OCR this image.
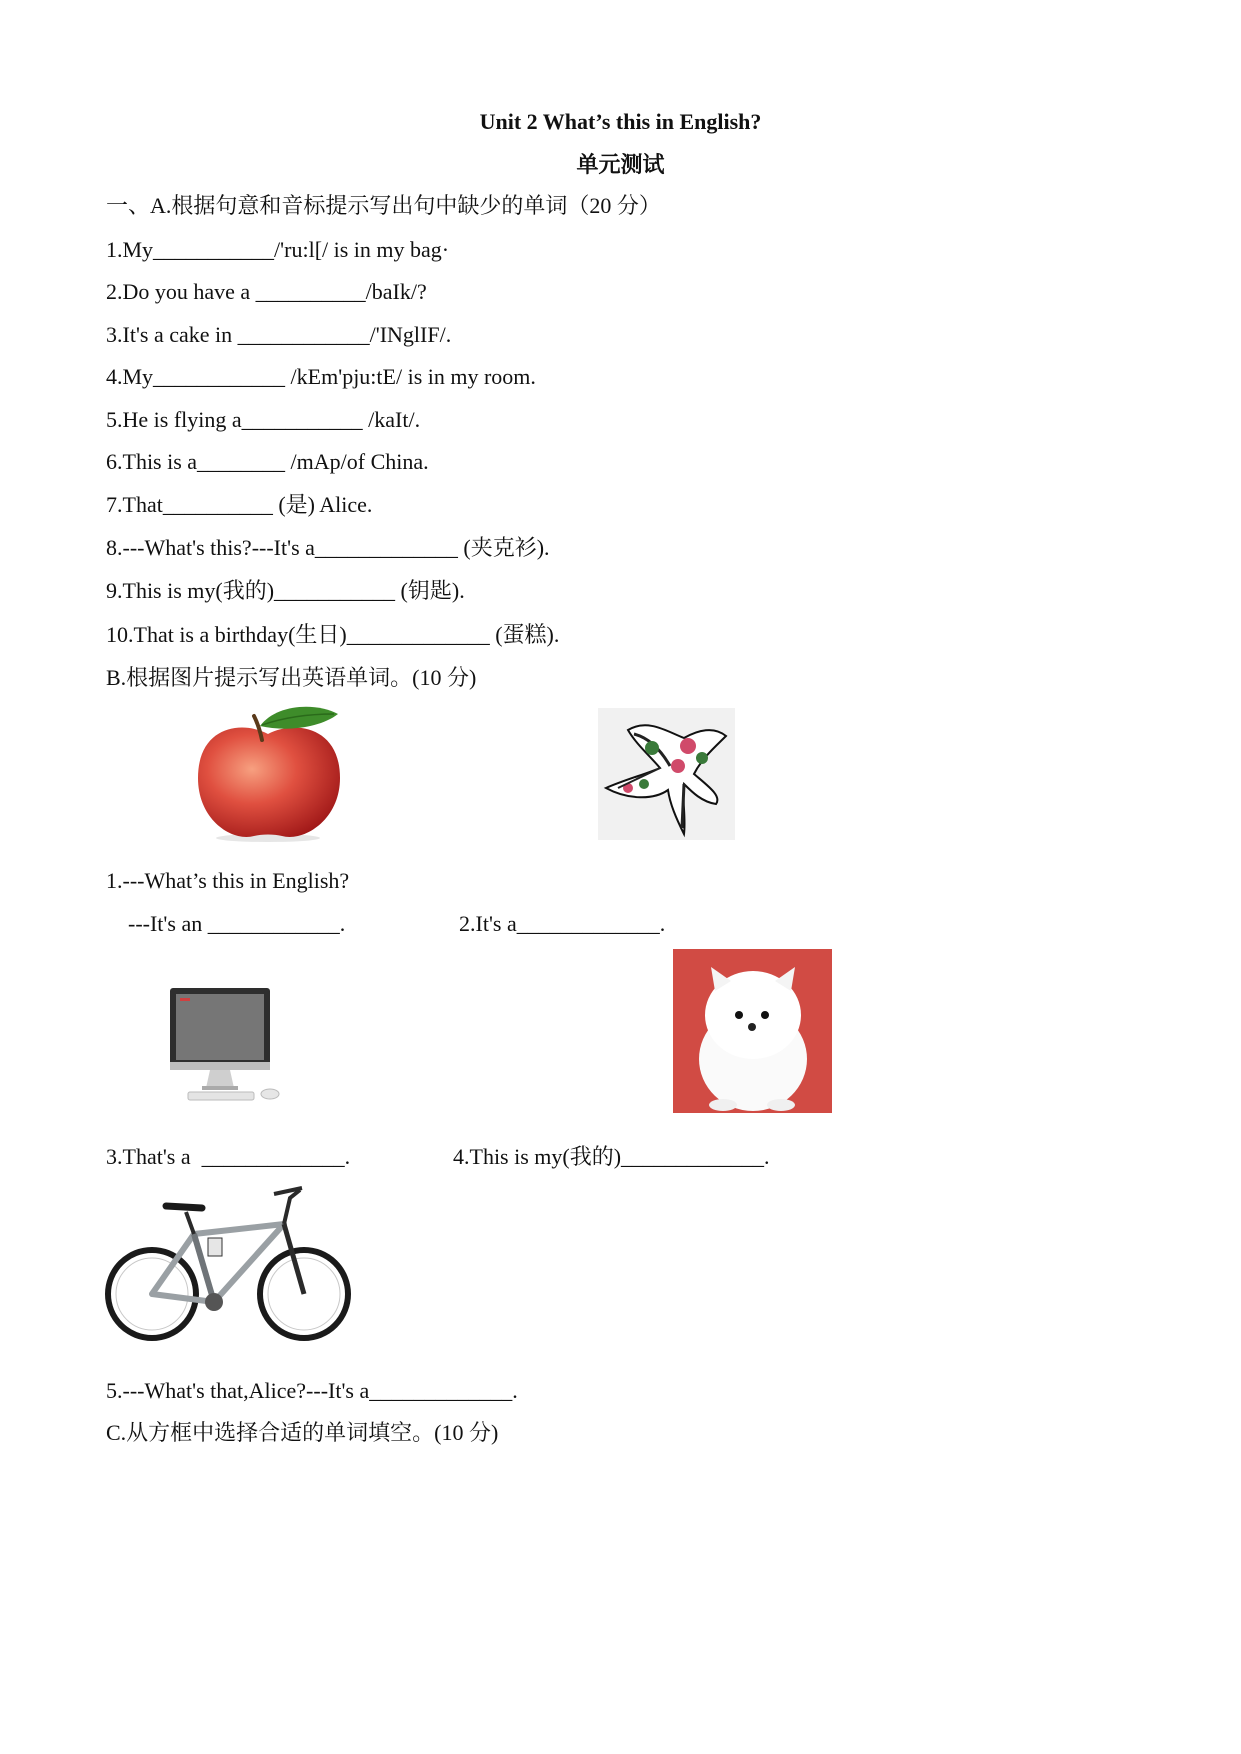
Unit 2 What’s this in English?
单元测试
一、A.根据句意和音标提示写出句中缺少的单词（20 分）
1.My___________/'ru:l[/ is in my bag·
2.Do you have a __________/baIk/?
3.It's a cake in ____________/'INglIF/.
4.My____________ /kEm'pju:tE/ is in my room.
5.He is flying a___________ /kaIt/.
6.This is a________ /mAp/of China.
7.That__________ (是) Alice.
8.---What's this?---It's a_____________ (夹克衫).
9.This is my(我的)___________ (钥匙).
10.That is a birthday(生日)_____________ (蛋糕).
B.根据图片提示写出英语单词。(10 分)
1.---What’s this in English?
---It's an ____________.	2.It's a_____________.
3.That's a  _____________.	4.This is my(我的)_____________.
5.---What's that,Alice?---It's a_____________.
C.从方框中选择合适的单词填空。(10 分)
